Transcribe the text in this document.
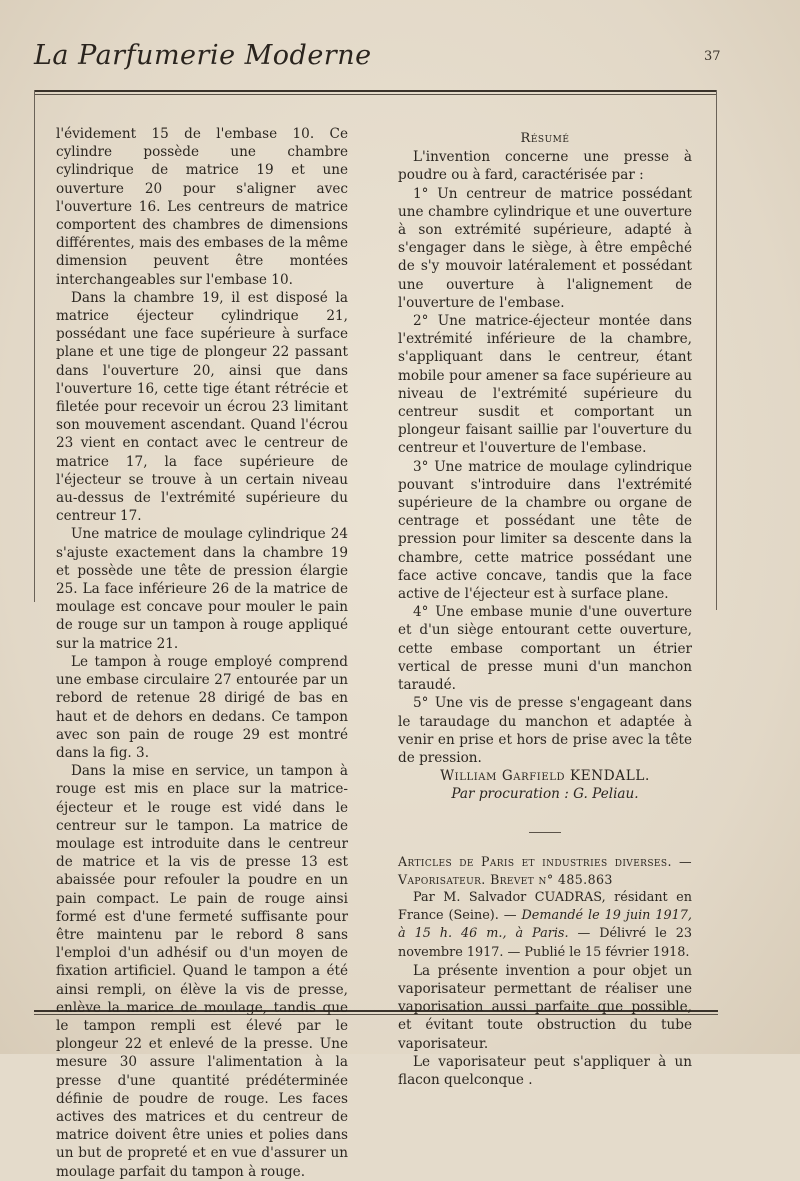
La Parfumerie Moderne	37

l'évidement 15 de l'embase 10. Ce cylindre possède une chambre cylindrique de matrice 19 et une ouverture 20 pour s'aligner avec l'ouverture 16. Les centreurs de matrice comportent des chambres de dimensions différentes, mais des embases de la même dimension peuvent être montées interchangeables sur l'embase 10.

Dans la chambre 19, il est disposé la matrice éjecteur cylindrique 21, possédant une face supérieure à surface plane et une tige de plongeur 22 passant dans l'ouverture 20, ainsi que dans l'ouverture 16, cette tige étant rétrécie et filetée pour recevoir un écrou 23 limitant son mouvement ascendant. Quand l'écrou 23 vient en contact avec le centreur de matrice 17, la face supérieure de l'éjecteur se trouve à un certain niveau au-dessus de l'extrémité supérieure du centreur 17.

Une matrice de moulage cylindrique 24 s'ajuste exactement dans la chambre 19 et possède une tête de pression élargie 25. La face inférieure 26 de la matrice de moulage est concave pour mouler le pain de rouge sur un tampon à rouge appliqué sur la matrice 21.

Le tampon à rouge employé comprend une embase circulaire 27 entourée par un rebord de retenue 28 dirigé de bas en haut et de dehors en dedans. Ce tampon avec son pain de rouge 29 est montré dans la fig. 3.

Dans la mise en service, un tampon à rouge est mis en place sur la matrice-éjecteur et le rouge est vidé dans le centreur sur le tampon. La matrice de moulage est introduite dans le centreur de matrice et la vis de presse 13 est abaissée pour refouler la poudre en un pain compact. Le pain de rouge ainsi formé est d'une fermeté suffisante pour être maintenu par le rebord 8 sans l'emploi d'un adhésif ou d'un moyen de fixation artificiel. Quand le tampon a été ainsi rempli, on élève la vis de presse, enlève la marice de moulage, tandis que le tampon rempli est élevé par le plongeur 22 et enlevé de la presse. Une mesure 30 assure l'alimentation à la presse d'une quantité prédéterminée définie de poudre de rouge. Les faces actives des matrices et du centreur de matrice doivent être unies et polies dans un but de propreté et en vue d'assurer un moulage parfait du tampon à rouge.

Résumé

L'invention concerne une presse à poudre ou à fard, caractérisée par :

1° Un centreur de matrice possédant une chambre cylindrique et une ouverture à son extrémité supérieure, adapté à s'engager dans le siège, à être empêché de s'y mouvoir latéralement et possédant une ouverture à l'alignement de l'ouverture de l'embase.

2° Une matrice-éjecteur montée dans l'extrémité inférieure de la chambre, s'appliquant dans le centreur, étant mobile pour amener sa face supérieure au niveau de l'extrémité supérieure du centreur susdit et comportant un plongeur faisant saillie par l'ouverture du centreur et l'ouverture de l'embase.

3° Une matrice de moulage cylindrique pouvant s'introduire dans l'extrémité supérieure de la chambre ou organe de centrage et possédant une tête de pression pour limiter sa descente dans la chambre, cette matrice possédant une face active concave, tandis que la face active de l'éjecteur est à surface plane.

4° Une embase munie d'une ouverture et d'un siège entourant cette ouverture, cette embase comportant un étrier vertical de presse muni d'un manchon taraudé.

5° Une vis de presse s'engageant dans le taraudage du manchon et adaptée à venir en prise et hors de prise avec la tête de pression.

William Garfield KENDALL.

Par procuration : G. Peliau.

Articles de Paris et industries diverses. — Vaporisateur. Brevet n° 485.863

Par M. Salvador CUADRAS, résidant en France (Seine). — Demandé le 19 juin 1917, à 15 h. 46 m., à Paris. — Délivré le 23 novembre 1917. — Publié le 15 février 1918.

La présente invention a pour objet un vaporisateur permettant de réaliser une vaporisation aussi parfaite que possible, et évitant toute obstruction du tube vaporisateur.

Le vaporisateur peut s'appliquer à un flacon quelconque .
